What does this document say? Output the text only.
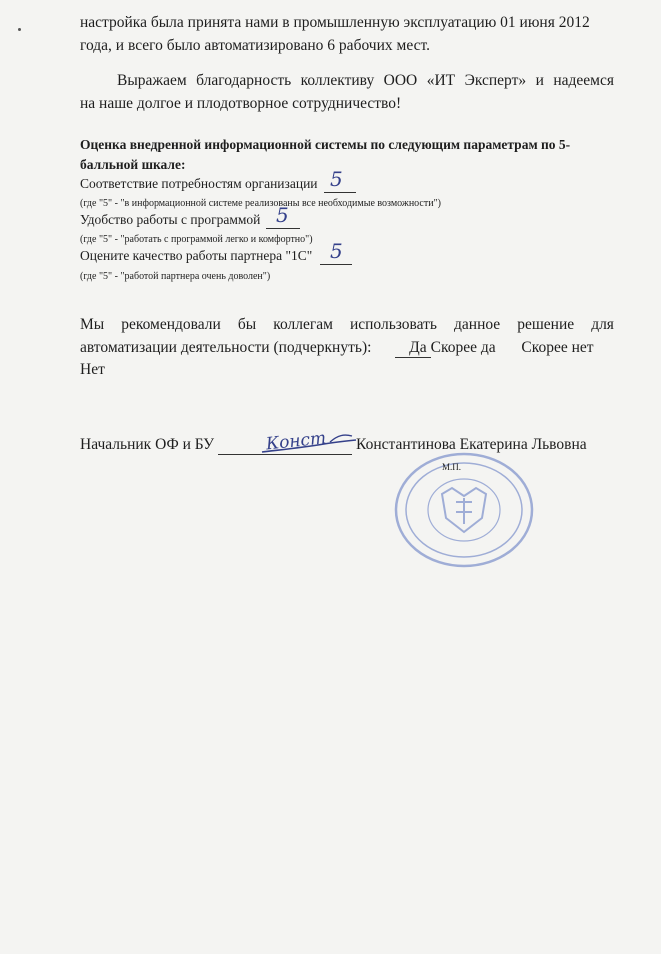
настройка была принята нами в промышленную эксплуатацию 01 июня 2012
года, и всего было автоматизировано 6 рабочих мест.
Выражаем благодарность коллективу ООО «ИТ Эксперт» и надеемся
на наше долгое и плодотворное сотрудничество!
Оценка внедренной информационной системы по следующим параметрам по 5-
балльной шкале:
Соответствие потребностям организации 5
(где "5" - "в информационной системе реализованы все необходимые возможности")
Удобство работы с программой 5
(где "5" - "работать с программой легко и комфортно")
Оцените качество работы партнера "1С" 5
(где "5" - "работой партнера очень доволен")
Мы рекомендовали бы коллегам использовать данное решение для
автоматизации деятельности (подчеркнуть): Да Скорее да Скорее нет
Нет
Начальник ОФ и БУ	Конст Константинова Екатерина Львовна
М.П.
